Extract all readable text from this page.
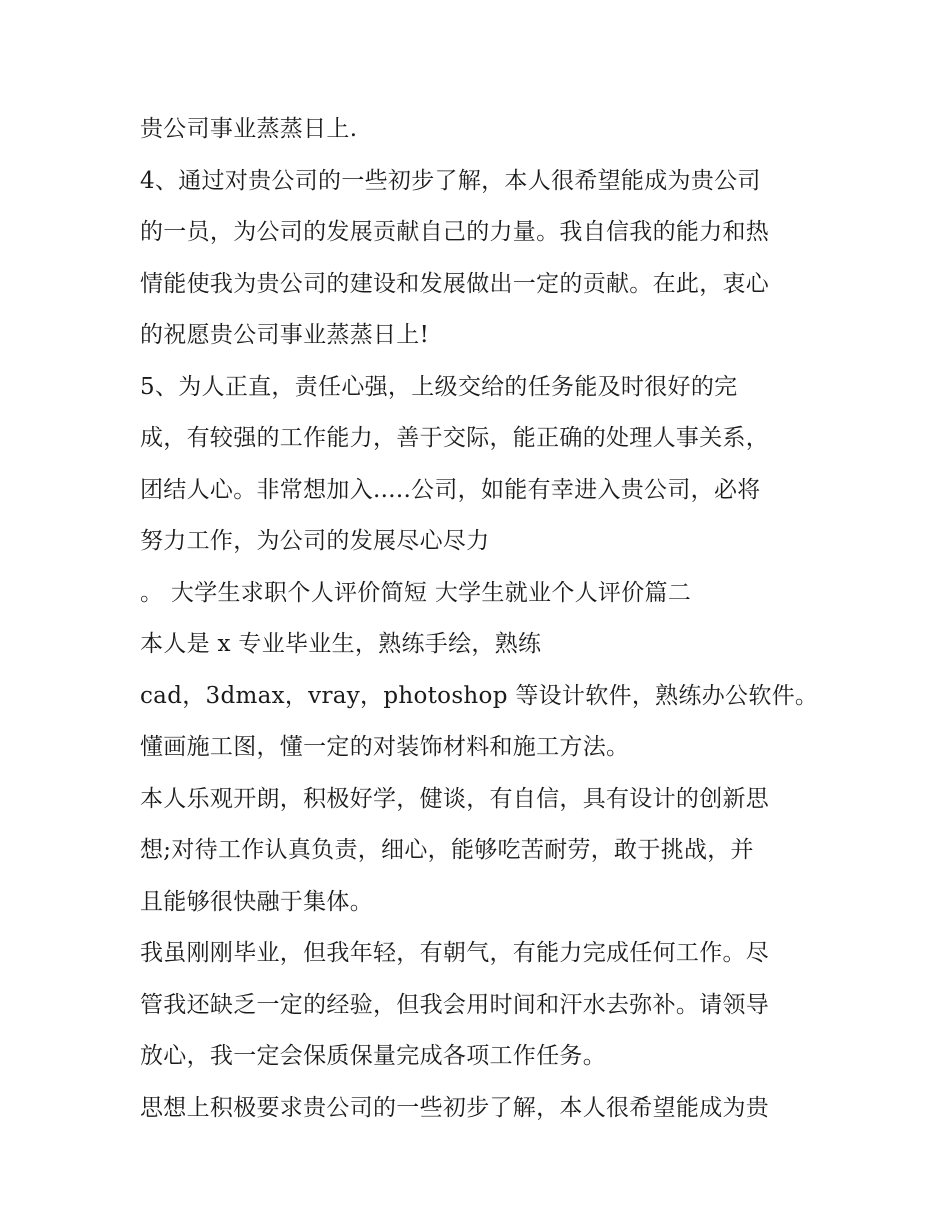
贵公司事业蒸蒸日上.
4、通过对贵公司的一些初步了解，本人很希望能成为贵公司
的一员，为公司的发展贡献自己的力量。我自信我的能力和热
情能使我为贵公司的建设和发展做出一定的贡献。在此，衷心
的祝愿贵公司事业蒸蒸日上!
5、为人正直，责任心强，上级交给的任务能及时很好的完
成，有较强的工作能力，善于交际，能正确的处理人事关系，
团结人心。非常想加入.....公司，如能有幸进入贵公司，必将
努力工作，为公司的发展尽心尽力
。 大学生求职个人评价简短 大学生就业个人评价篇二
本人是 x 专业毕业生，熟练手绘，熟练
cad，3dmax，vray，photoshop 等设计软件，熟练办公软件。
懂画施工图，懂一定的对装饰材料和施工方法。
本人乐观开朗，积极好学，健谈，有自信，具有设计的创新思
想;对待工作认真负责，细心，能够吃苦耐劳，敢于挑战，并
且能够很快融于集体。
我虽刚刚毕业，但我年轻，有朝气，有能力完成任何工作。尽
管我还缺乏一定的经验，但我会用时间和汗水去弥补。请领导
放心，我一定会保质保量完成各项工作任务。
思想上积极要求贵公司的一些初步了解，本人很希望能成为贵
